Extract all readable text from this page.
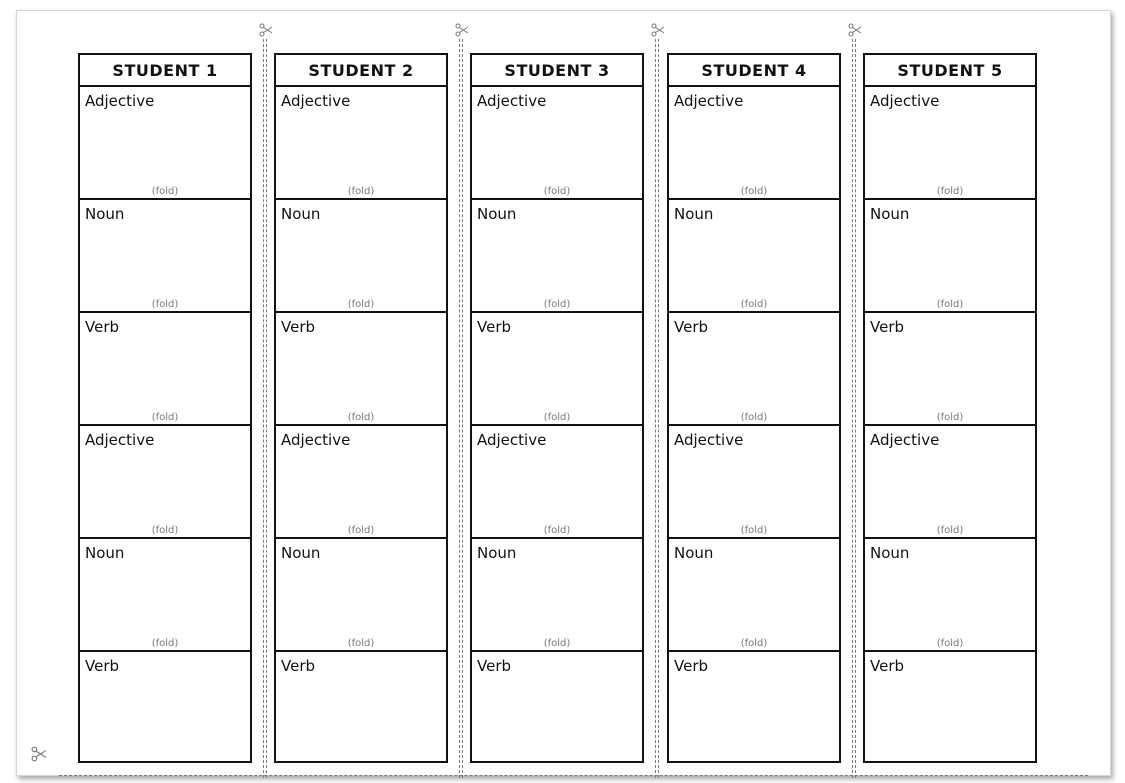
STUDENT 1
Adjective
(fold)
Noun
(fold)
Verb
(fold)
Adjective
(fold)
Noun
(fold)
Verb
STUDENT 2
Adjective
(fold)
Noun
(fold)
Verb
(fold)
Adjective
(fold)
Noun
(fold)
Verb
STUDENT 3
Adjective
(fold)
Noun
(fold)
Verb
(fold)
Adjective
(fold)
Noun
(fold)
Verb
STUDENT 4
Adjective
(fold)
Noun
(fold)
Verb
(fold)
Adjective
(fold)
Noun
(fold)
Verb
STUDENT 5
Adjective
(fold)
Noun
(fold)
Verb
(fold)
Adjective
(fold)
Noun
(fold)
Verb
